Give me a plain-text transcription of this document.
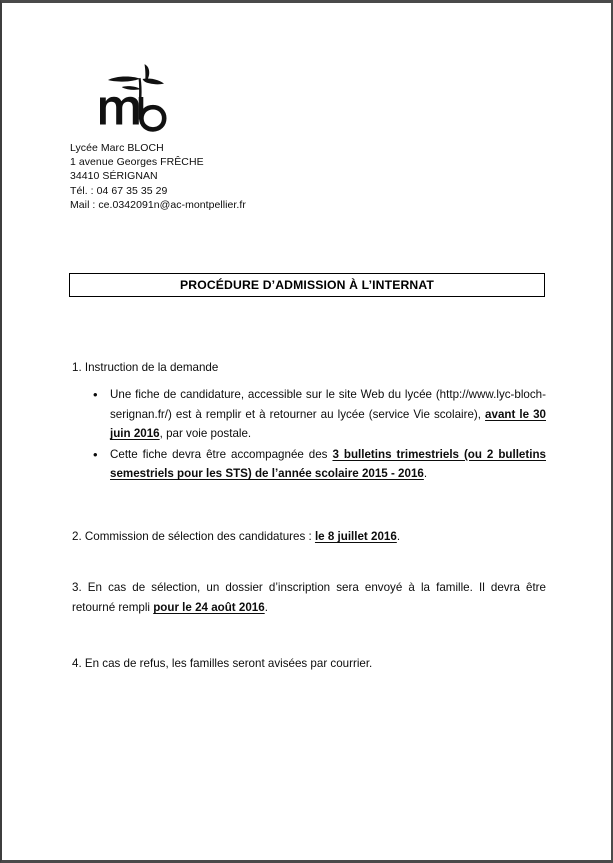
Lycée Marc BLOCH
1 avenue Georges FRÊCHE
34410 SÉRIGNAN
Tél. : 04 67 35 35 29
Mail : ce.0342091n@ac-montpellier.fr
PROCÉDURE D’ADMISSION À L’INTERNAT
1. Instruction de la demande
• Une fiche de candidature, accessible sur le site Web du lycée (http://www.lyc-bloch-serignan.fr/) est à remplir et à retourner au lycée (service Vie scolaire), avant le 30 juin 2016, par voie postale.
• Cette fiche devra être accompagnée des 3 bulletins trimestriels (ou 2 bulletins semestriels pour les STS) de l’année scolaire 2015 - 2016.
2. Commission de sélection des candidatures : le 8 juillet 2016.
3. En cas de sélection, un dossier d’inscription sera envoyé à la famille. Il devra être retourné rempli pour le 24 août 2016.
4. En cas de refus, les familles seront avisées par courrier.
